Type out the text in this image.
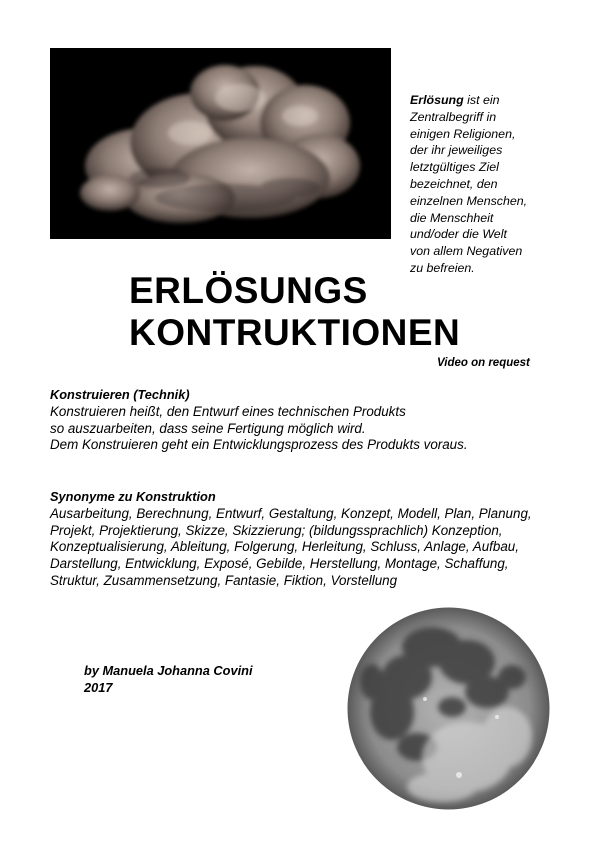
Erlösung ist ein
Zentralbegriff in
einigen Religionen,
der ihr jeweiliges
letztgültiges Ziel
bezeichnet, den
einzelnen Menschen,
die Menschheit
und/oder die Welt
von allem Negativen
zu befreien.
ERLÖSUNGS
KONTRUKTIONEN
Video on request
Konstruieren (Technik)
Konstruieren heißt, den Entwurf eines technischen Produkts
so auszuarbeiten, dass seine Fertigung möglich wird.
Dem Konstruieren geht ein Entwicklungsprozess des Produkts voraus.
Synonyme zu Konstruktion
Ausarbeitung, Berechnung, Entwurf, Gestaltung, Konzept, Modell, Plan, Planung,
Projekt, Projektierung, Skizze, Skizzierung; (bildungssprachlich) Konzeption,
Konzeptualisierung, Ableitung, Folgerung, Herleitung, Schluss, Anlage, Aufbau,
Darstellung, Entwicklung, Exposé, Gebilde, Herstellung, Montage, Schaffung,
Struktur, Zusammensetzung, Fantasie, Fiktion, Vorstellung
by Manuela Johanna Covini
2017
